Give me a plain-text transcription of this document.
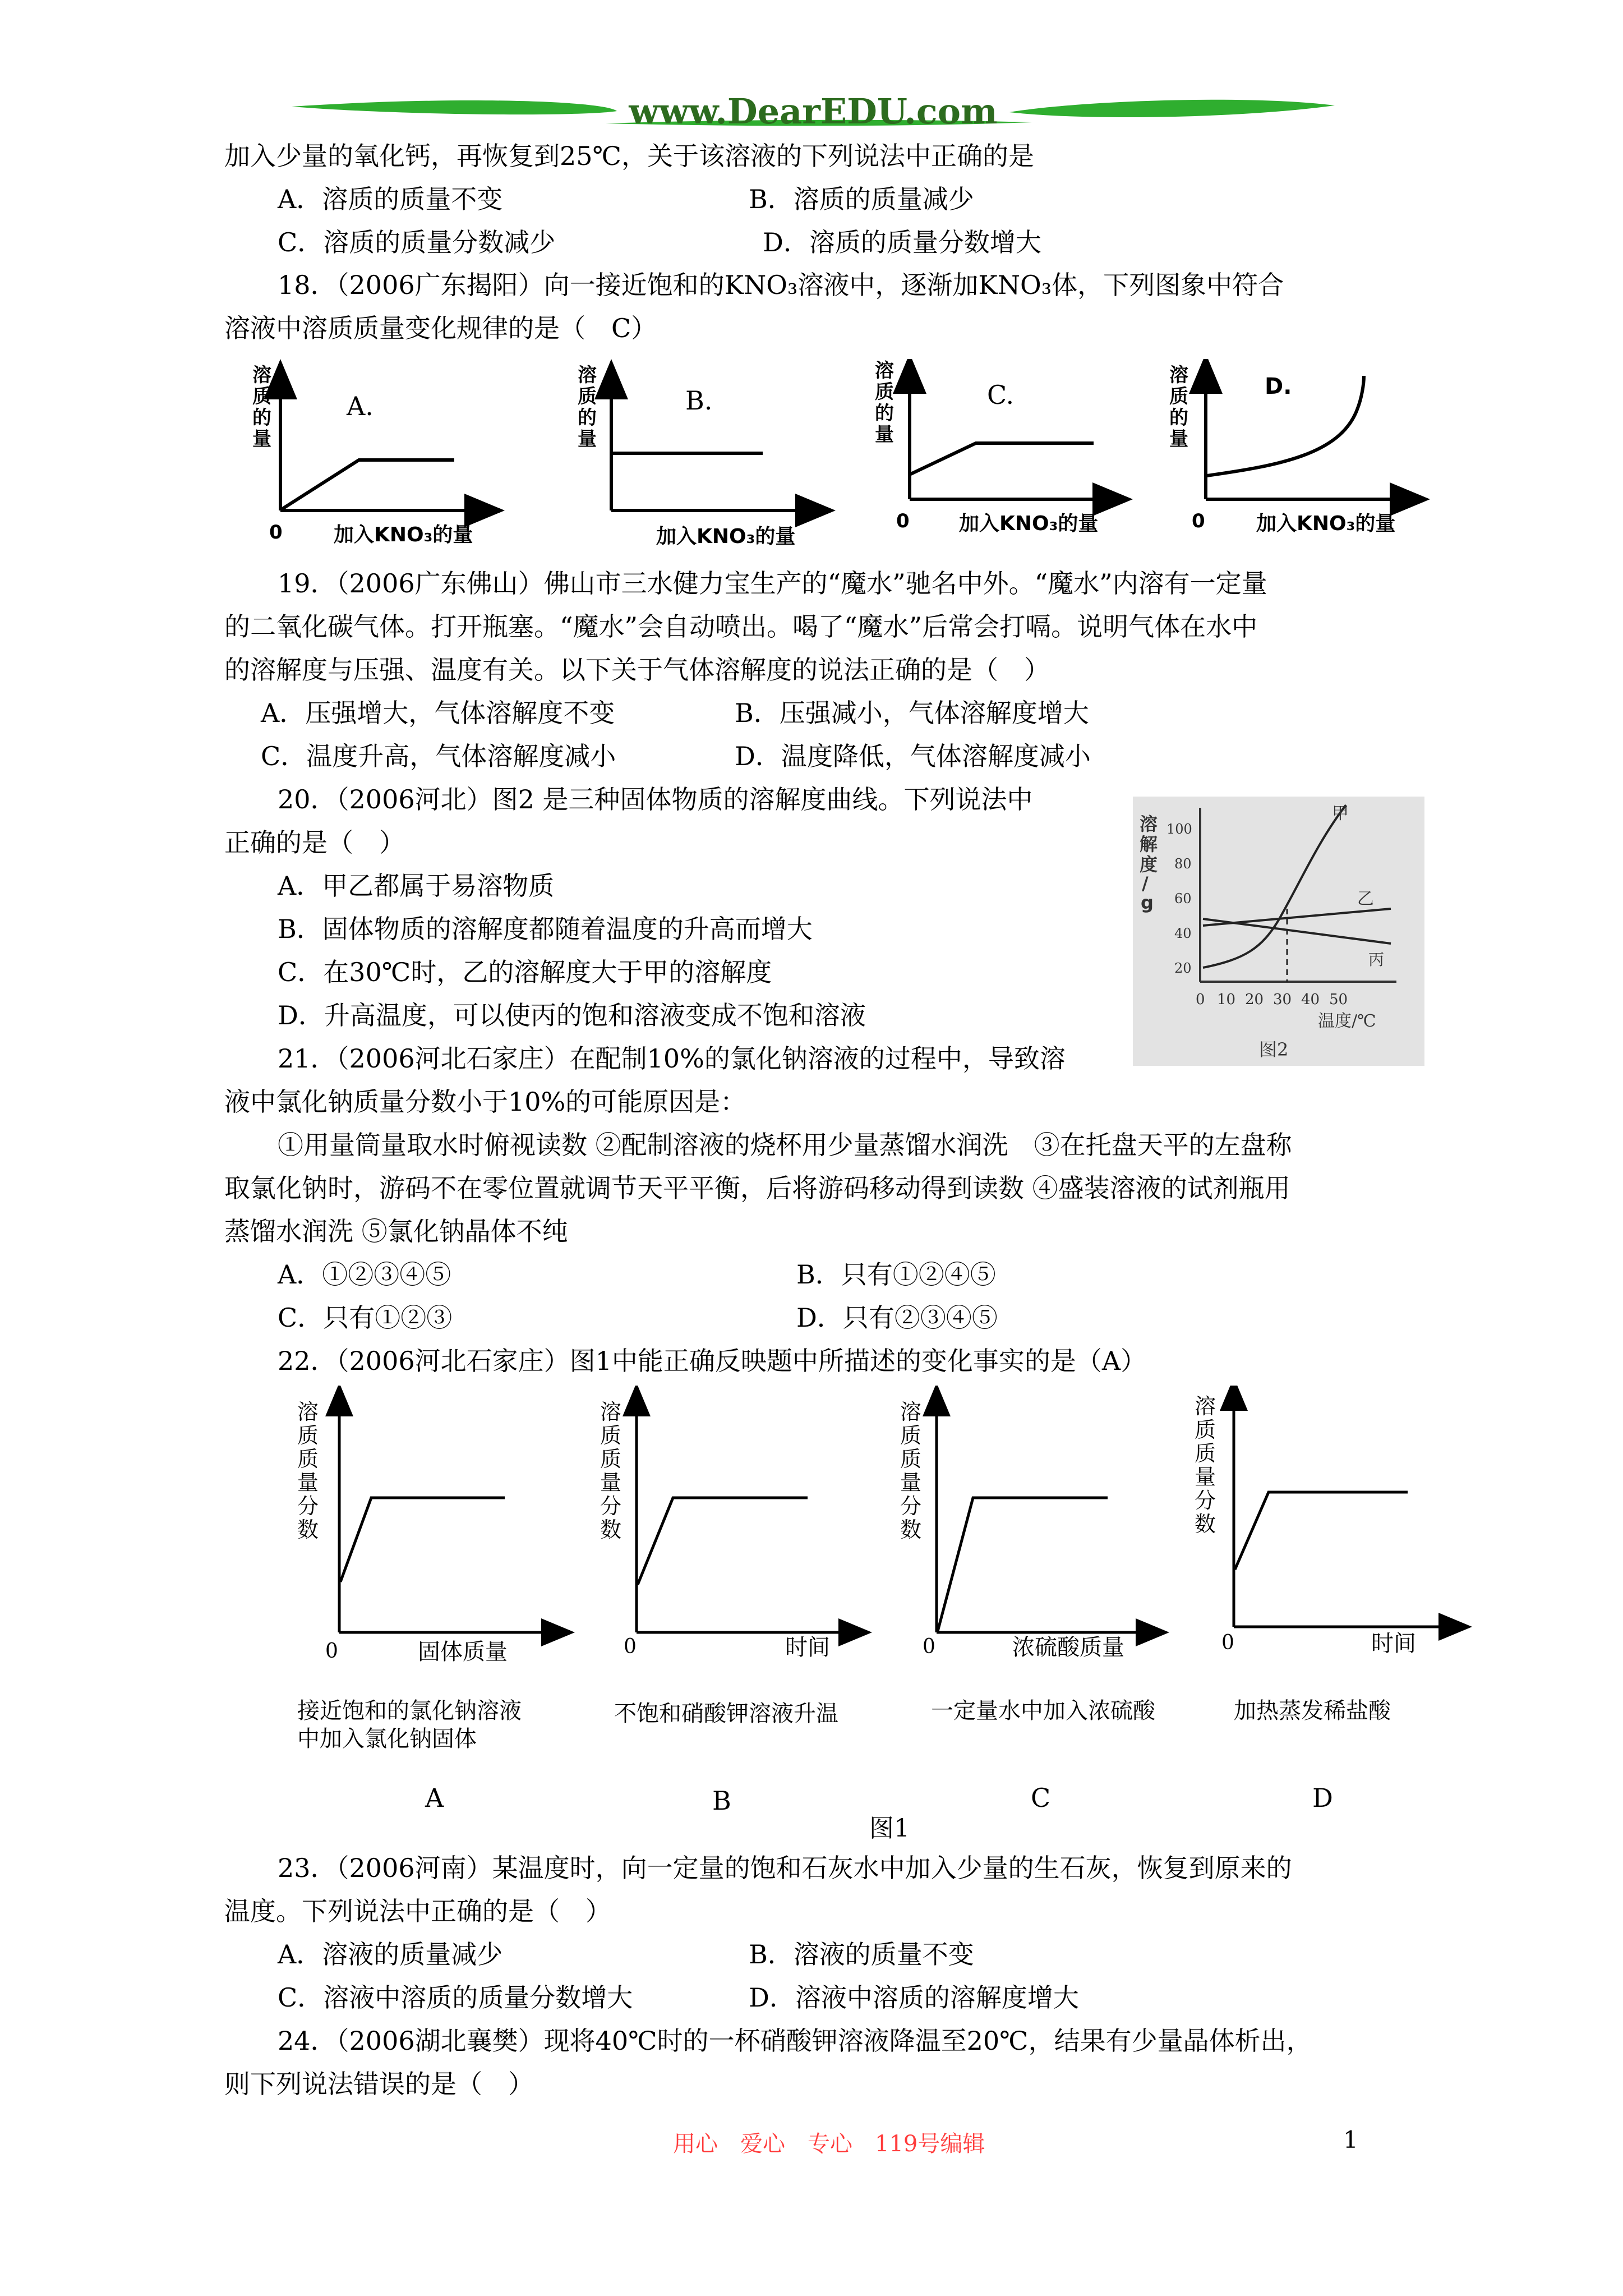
www.DearEDU.com
加入少量的氧化钙，再恢复到25℃，关于该溶液的下列说法中正确的是
A．溶质的质量不变	B．溶质的质量减少
C．溶质的质量分数减少	D．溶质的质量分数增大
18．（2006广东揭阳）向一接近饱和的KNO₃溶液中，逐渐加KNO₃体，下列图象中符合
溶液中溶质质量变化规律的是（　C）
溶
质
的
量
A.
0	加入KNO₃的量
溶
质
的
量
B.
加入KNO₃的量
溶
质
的
量
C.
0 加入KNO₃的量
溶
质
的
量
D.
0	加入KNO₃的量
19．（2006广东佛山）佛山市三水健力宝生产的“魔水”驰名中外。“魔水”内溶有一定量
的二氧化碳气体。打开瓶塞。“魔水”会自动喷出。喝了“魔水”后常会打嗝。说明气体在水中
的溶解度与压强、温度有关。以下关于气体溶解度的说法正确的是（　）
A．压强增大，气体溶解度不变	B．压强减小，气体溶解度增大
C．温度升高，气体溶解度减小	D．温度降低，气体溶解度减小
20．（2006河北）图2 是三种固体物质的溶解度曲线。下列说法中
正确的是（　）
A．甲乙都属于易溶物质
B．固体物质的溶解度都随着温度的升高而增大
C．在30℃时，乙的溶解度大于甲的溶解度
D．升高温度，可以使丙的饱和溶液变成不饱和溶液
溶
解
度
/
g
100
80
60
40
20
0 10 20 30 40 50
温度/℃
甲
乙
丙
图2
21．（2006河北石家庄）在配制10%的氯化钠溶液的过程中，导致溶
液中氯化钠质量分数小于10%的可能原因是：
①用量筒量取水时俯视读数 ②配制溶液的烧杯用少量蒸馏水润洗　③在托盘天平的左盘称
取氯化钠时，游码不在零位置就调节天平平衡，后将游码移动得到读数 ④盛装溶液的试剂瓶用
蒸馏水润洗 ⑤氯化钠晶体不纯
A．①②③④⑤	B．只有①②④⑤
C．只有①②③	D．只有②③④⑤
22．（2006河北石家庄）图1中能正确反映题中所描述的变化事实的是（A）
溶
质
质
量
分
数
0
溶
质
质
量
分
数
0
溶
质
质
量
分
数
0
溶
质
质
量
分
数
0
固体质量	时间	浓硫酸质量	时间
接近饱和的氯化钠溶液
中加入氯化钠固体
不饱和硝酸钾溶液升温	一定量水中加入浓硫酸	加热蒸发稀盐酸
A	B	C	D
图1
23．（2006河南）某温度时，向一定量的饱和石灰水中加入少量的生石灰，恢复到原来的
温度。下列说法中正确的是（　）
A．溶液的质量减少	B．溶液的质量不变
C．溶液中溶质的质量分数增大	D．溶液中溶质的溶解度增大
24．（2006湖北襄樊）现将40℃时的一杯硝酸钾溶液降温至20℃，结果有少量晶体析出，
则下列说法错误的是（　）
用心　爱心　专心　119号编辑	1
